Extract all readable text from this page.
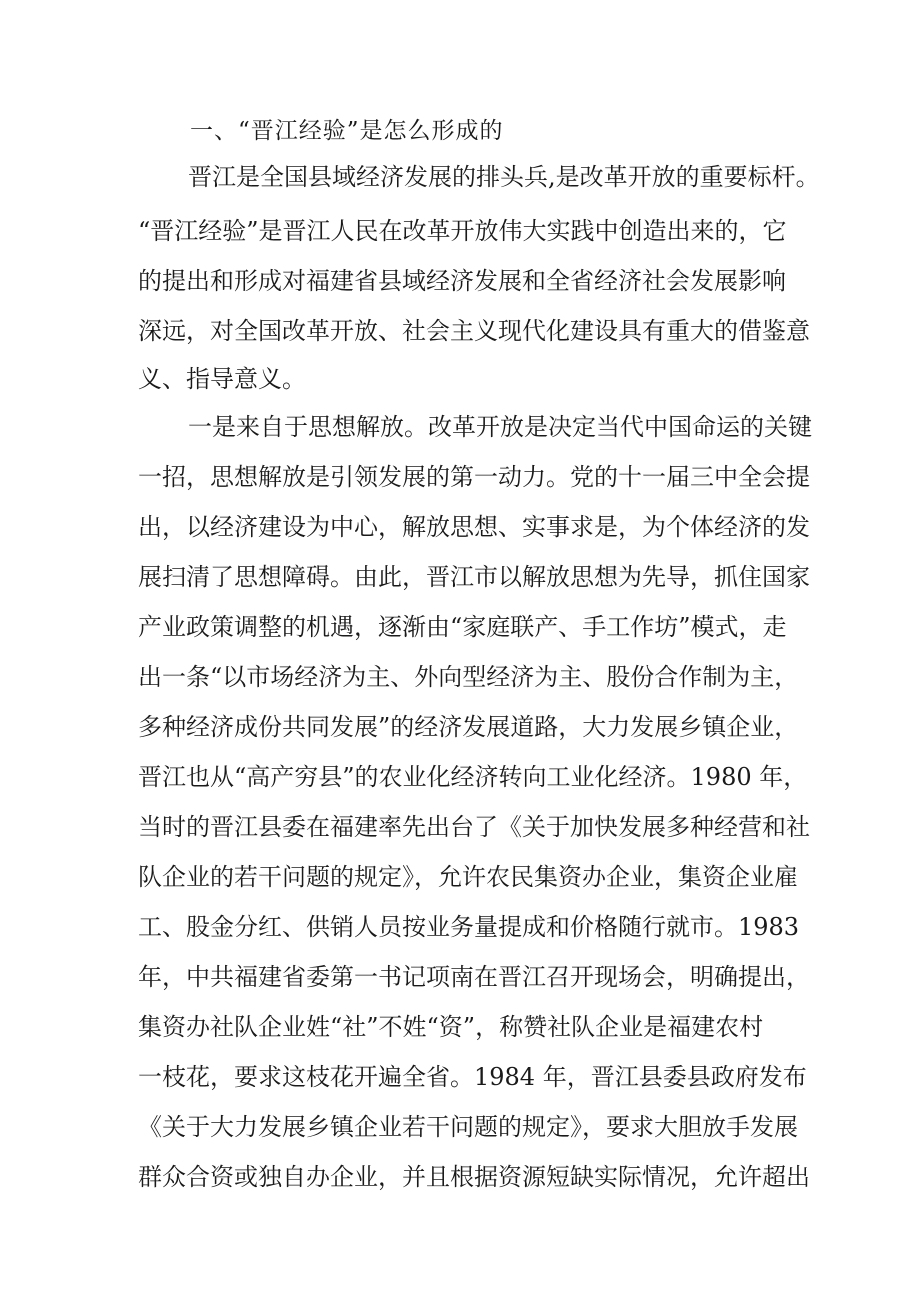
一、“晋江经验”是怎么形成的
晋江是全国县域经济发展的排头兵,是改革开放的重要标杆。
“晋江经验”是晋江人民在改革开放伟大实践中创造出来的，它
的提出和形成对福建省县域经济发展和全省经济社会发展影响
深远，对全国改革开放、社会主义现代化建设具有重大的借鉴意
义、指导意义。
一是来自于思想解放。改革开放是决定当代中国命运的关键
一招，思想解放是引领发展的第一动力。党的十一届三中全会提
出，以经济建设为中心，解放思想、实事求是，为个体经济的发
展扫清了思想障碍。由此，晋江市以解放思想为先导，抓住国家
产业政策调整的机遇，逐渐由“家庭联产、手工作坊”模式，走
出一条“以市场经济为主、外向型经济为主、股份合作制为主，
多种经济成份共同发展”的经济发展道路，大力发展乡镇企业，
晋江也从“高产穷县”的农业化经济转向工业化经济。1980 年，
当时的晋江县委在福建率先出台了《关于加快发展多种经营和社
队企业的若干问题的规定》，允许农民集资办企业，集资企业雇
工、股金分红、供销人员按业务量提成和价格随行就市。1983
年，中共福建省委第一书记项南在晋江召开现场会，明确提出，
集资办社队企业姓“社”不姓“资”，称赞社队企业是福建农村
一枝花，要求这枝花开遍全省。1984 年，晋江县委县政府发布
《关于大力发展乡镇企业若干问题的规定》，要求大胆放手发展
群众合资或独自办企业，并且根据资源短缺实际情况，允许超出
